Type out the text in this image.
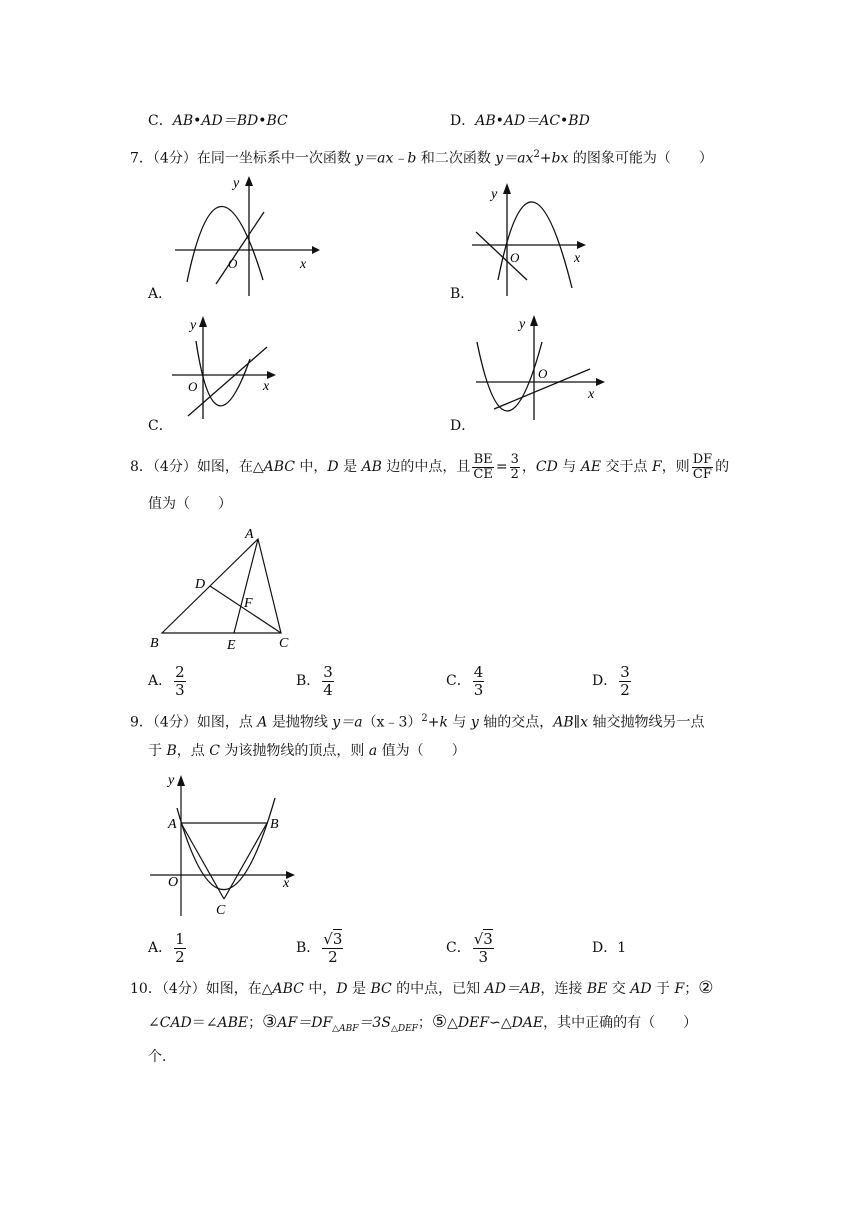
C．AB•AD＝BD•BC	D．AB•AD＝AC•BD
7．（4分）在同一坐标系中一次函数 y＝ax﹣b 和二次函数 $y=ax^2+bx$ 的图象可能为（　　）
y
x
O
A．
y
x
O
B．
y
x
O
C．
y
x
O
D．
8．（4分）如图，在△ABC 中，D 是 AB 边的中点，且 $\frac{BE}{CE} = \frac{3}{2}$ ，CD 与 AE 交于点 F，则 $\frac{DF}{CF}$ 的
值为（　　）
A
B	C
D
E
F
A． $\frac{2}{3}$	B． $\frac{3}{4}$	C． $\frac{4}{3}$	D． $\frac{3}{2}$
9．（4分）如图，点 A 是抛物线 y＝a（x﹣3）$^2$+k 与 y 轴的交点，AB∥x 轴交抛物线另一点
于 B，点 C 为该抛物线的顶点，则 a 值为（　　）
y
A	B
O
C
x
A． $\frac{1}{2}$	B． $\frac{√3}{2}$	C． $\frac{√3}{3}$	D．1
10．（4分）如图，在△ABC 中，D 是 BC 的中点，已知 AD＝AB，连接 BE 交 AD 于 F；②
∠CAD＝∠ABE；$③AF=DF_{\triangle ABF}=3S_{\triangle DEF}$；⑤△DEF∽△DAE，其中正确的有（　　）
个．
